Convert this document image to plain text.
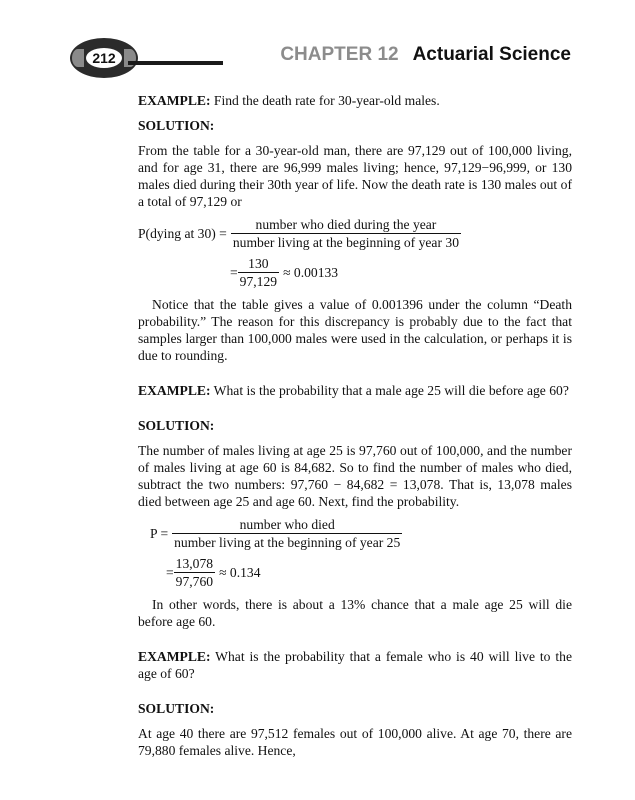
212	CHAPTER 12 Actuarial Science

EXAMPLE: Find the death rate for 30-year-old males.

SOLUTION:

From the table for a 30-year-old man, there are 97,129 out of 100,000 living, and for age 31, there are 96,999 males living; hence, 97,129−96,999, or 130 males died during their 30th year of life. Now the death rate is 130 males out of a total of 97,129 or

P(dying at $30) = \frac{\text{number who died during the year}}{\text{number living at the beginning of year 30}}$
= $\frac{130}{97,129} \approx 0.00133$

Notice that the table gives a value of 0.001396 under the column “Death probability.” The reason for this discrepancy is probably due to the fact that samples larger than 100,000 males were used in the calculation, or perhaps it is due to rounding.

EXAMPLE: What is the probability that a male age 25 will die before age 60?

SOLUTION:

The number of males living at age 25 is 97,760 out of 100,000, and the number of males living at age 60 is 84,682. So to find the number of males who died, subtract the two numbers: 97,760 − 84,682 = 13,078. That is, 13,078 males died between age 25 and age 60. Next, find the probability.

$P = \frac{\text{number who died}}{\text{number living at the beginning of year 25}}$
= $\frac{13,078}{97,760} \approx 0.134$

In other words, there is about a 13% chance that a male age 25 will die before age 60.

EXAMPLE: What is the probability that a female who is 40 will live to the age of 60?

SOLUTION:

At age 40 there are 97,512 females out of 100,000 alive. At age 70, there are 79,880 females alive. Hence,
